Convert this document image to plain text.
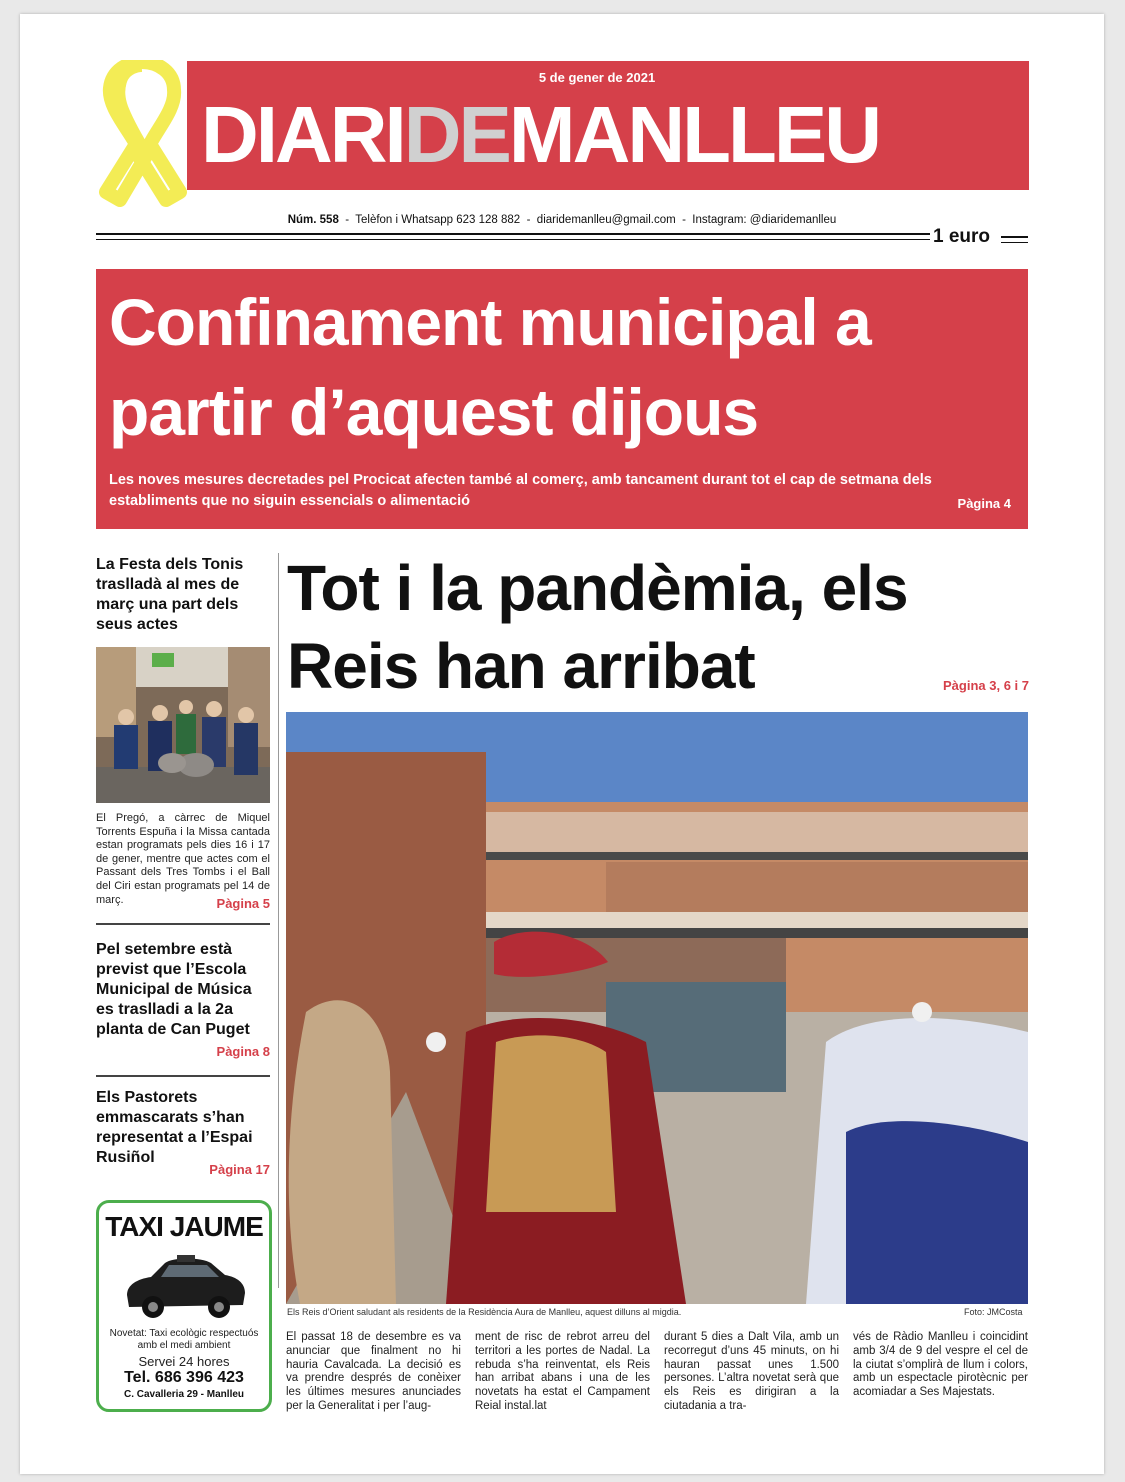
5 de gener de 2021
DIARIDEMANLLEU
Núm. 558  -  Telèfon i Whatsapp 623 128 882  -  diaridemanlleu@gmail.com  -  Instagram: @diaridemanlleu
1 euro
Confinament municipal a partir d’aquest dijous
Les noves mesures decretades pel Procicat afecten també al comerç, amb tancament durant tot el cap de setmana dels establiments que no siguin essencials o alimentació	Pàgina 4
La Festa dels Tonis traslladà al mes de març una part dels seus actes
El Pregó, a càrrec de Miquel Torrents Espuña i la Missa cantada estan programats pels dies 16 i 17 de gener, mentre que actes com el Passant dels Tres Tombs i el Ball del Ciri estan programats pel 14 de març.	Pàgina 5
Pel setembre està previst que l’Escola Municipal de Música es traslladi a la 2a planta de Can Puget
Pàgina 8
Els Pastorets emmascarats s’han representat a l’Espai Rusiñol
Pàgina 17
TAXI JAUME
Novetat: Taxi ecològic respectuós amb el medi ambient
Servei 24 hores
Tel. 686 396 423
C. Cavalleria 29 - Manlleu
Tot i la pandèmia, els Reis han arribat	Pàgina 3, 6 i 7
Els Reis d’Orient saludant als residents de la Residència Aura de Manlleu, aquest dilluns al migdia.	Foto: JMCosta
El passat 18 de desembre es va anunciar que finalment no hi hauria Cavalcada. La decisió es va prendre després de conèixer les últimes mesures anunciades per la Generalitat i per l’aug-
ment de risc de rebrot arreu del territori a les portes de Nadal. La rebuda s’ha reinventat, els Reis han arribat abans i una de les novetats ha estat el Campament Reial instal.lat
durant 5 dies a Dalt Vila, amb un recorregut d’uns 45 minuts, on hi hauran passat unes 1.500 persones. L’altra novetat serà que els Reis es dirigiran a la ciutadania a tra-
vés de Ràdio Manlleu i coincidint amb 3/4 de 9 del vespre el cel de la ciutat s’omplirà de llum i colors, amb un espectacle pirotècnic per acomiadar a Ses Majestats.
